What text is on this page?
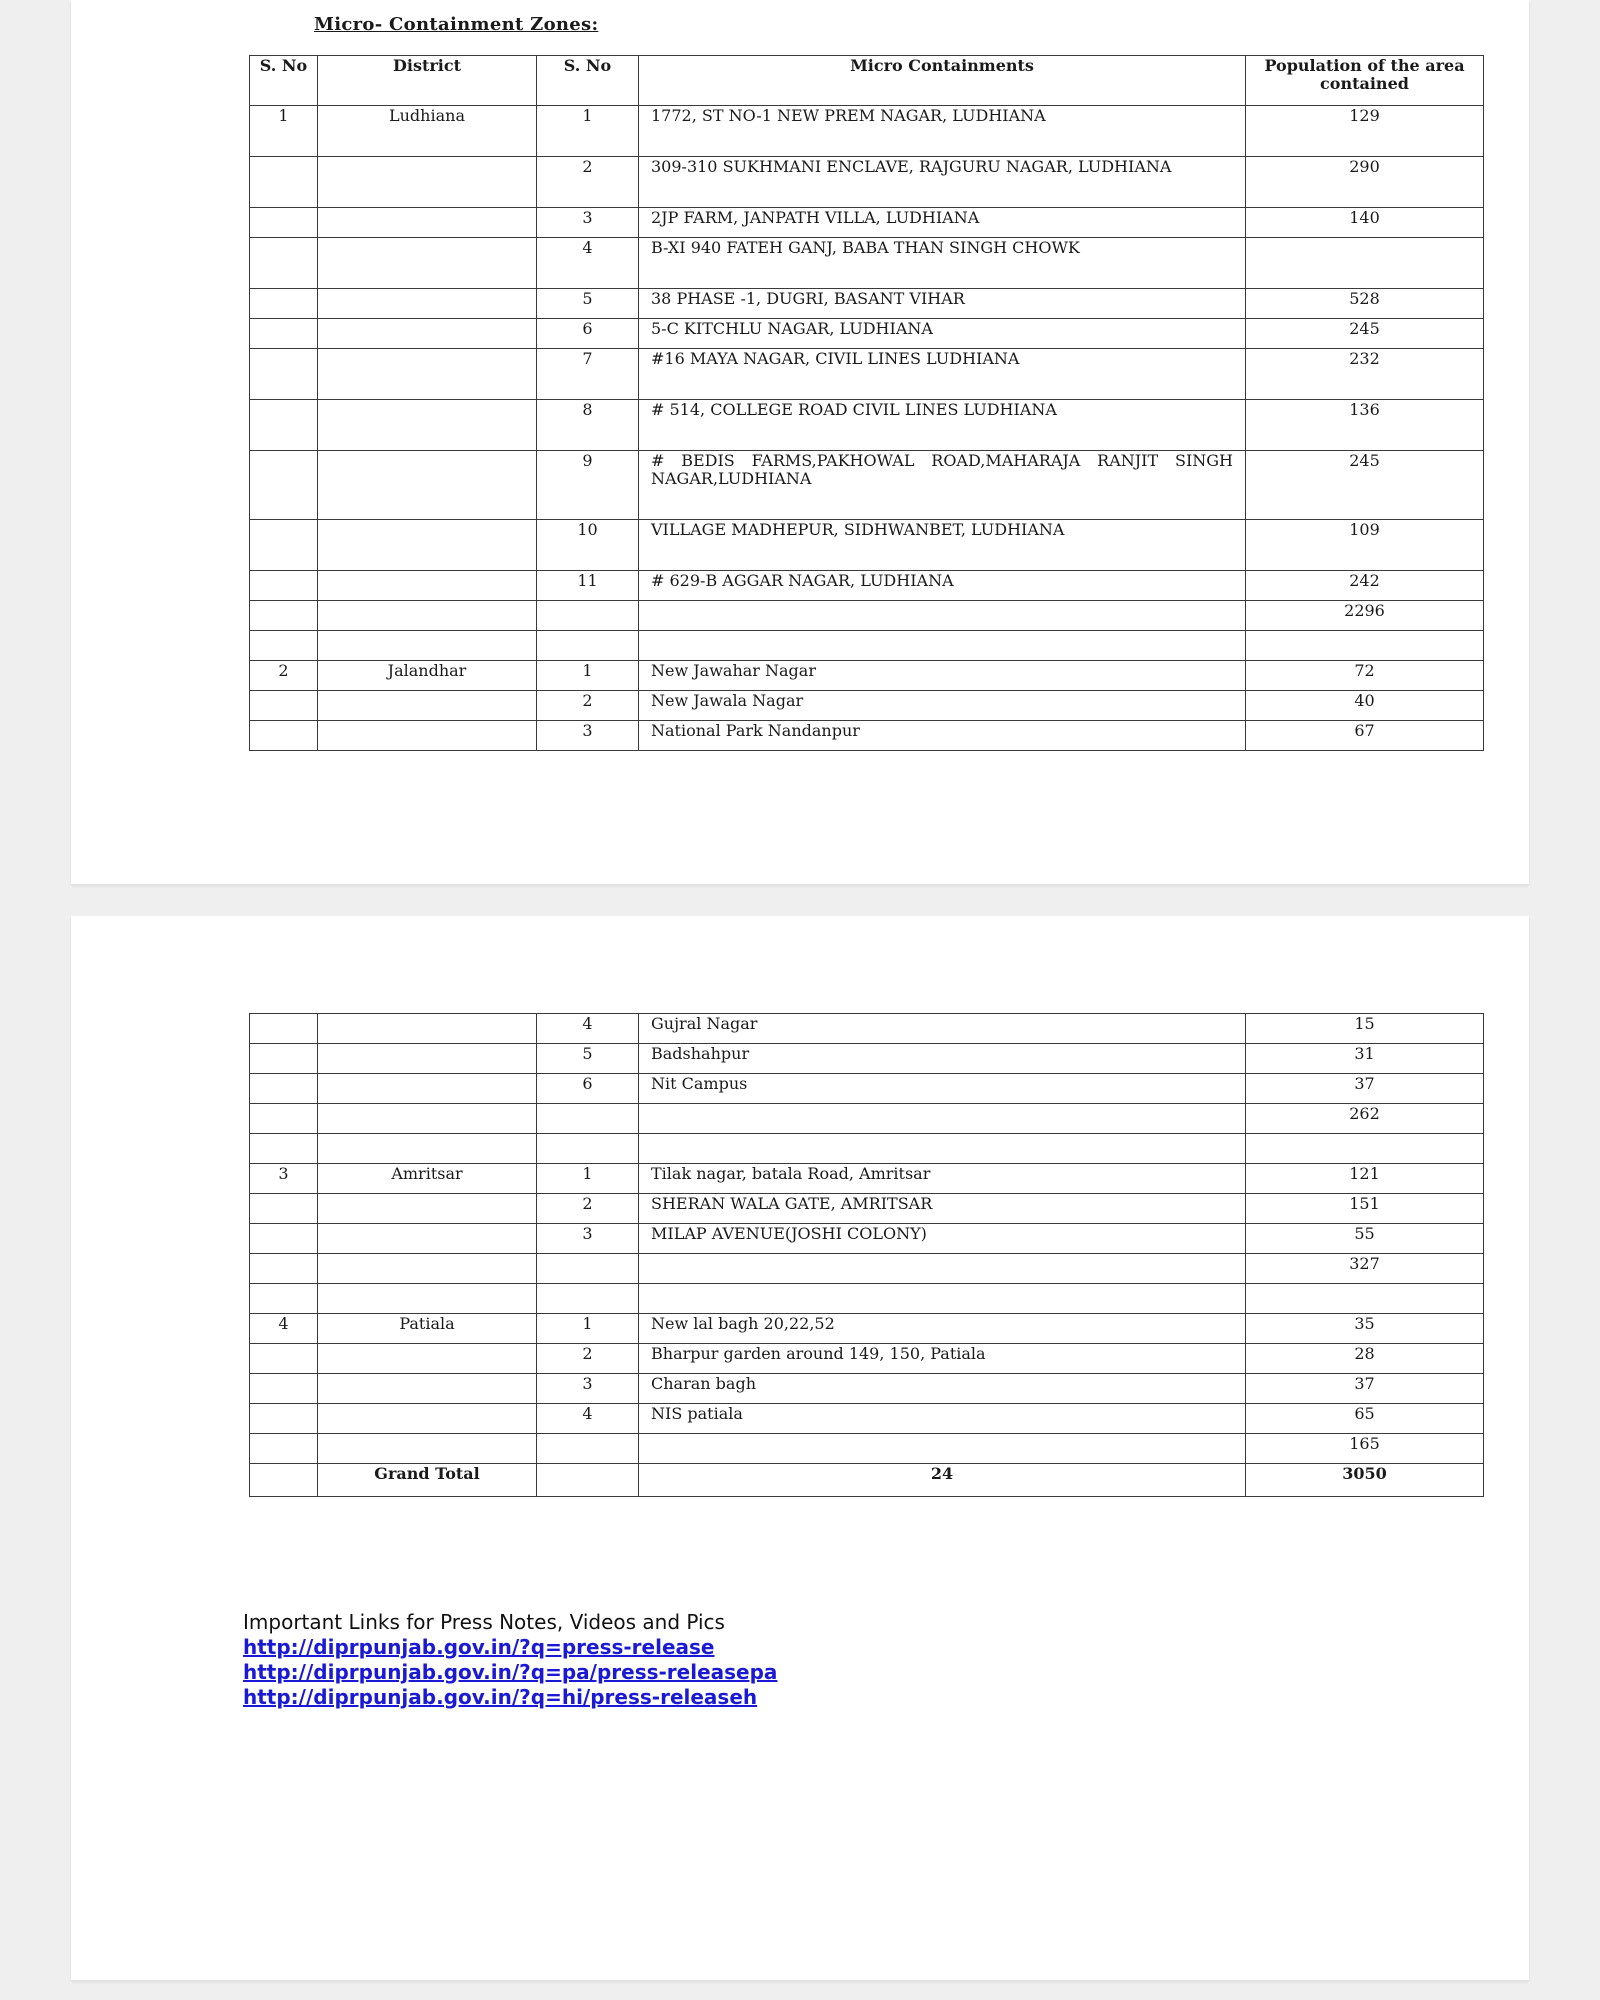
Micro- Containment Zones:
S. No	District	S. No	Micro Containments	Population of the area contained
1	Ludhiana	1	1772, ST NO-1 NEW PREM NAGAR, LUDHIANA	129
		2	309-310 SUKHMANI ENCLAVE, RAJGURU NAGAR, LUDHIANA	290
		3	2JP FARM, JANPATH VILLA, LUDHIANA	140
		4	B-XI 940 FATEH GANJ, BABA THAN SINGH CHOWK	
		5	38 PHASE -1, DUGRI, BASANT VIHAR	528
		6	5-C KITCHLU NAGAR, LUDHIANA	245
		7	#16 MAYA NAGAR, CIVIL LINES LUDHIANA	232
		8	# 514, COLLEGE ROAD CIVIL LINES LUDHIANA	136
		9	# BEDIS FARMS,PAKHOWAL ROAD,MAHARAJA RANJIT SINGH NAGAR,LUDHIANA	245
		10	VILLAGE MADHEPUR, SIDHWANBET, LUDHIANA	109
		11	# 629-B AGGAR NAGAR, LUDHIANA	242
				2296

2	Jalandhar	1	New Jawahar Nagar	72
		2	New Jawala Nagar	40
		3	National Park Nandanpur	67
		4	Gujral Nagar	15
		5	Badshahpur	31
		6	Nit Campus	37
				262

3	Amritsar	1	Tilak nagar, batala Road, Amritsar	121
		2	SHERAN WALA GATE, AMRITSAR	151
		3	MILAP AVENUE(JOSHI COLONY)	55
				327

4	Patiala	1	New lal bagh 20,22,52	35
		2	Bharpur garden around 149, 150, Patiala	28
		3	Charan bagh	37
		4	NIS patiala	65
				165
	Grand Total		24	3050
Important Links for Press Notes, Videos and Pics
http://diprpunjab.gov.in/?q=press-release
http://diprpunjab.gov.in/?q=pa/press-releasepa
http://diprpunjab.gov.in/?q=hi/press-releaseh
